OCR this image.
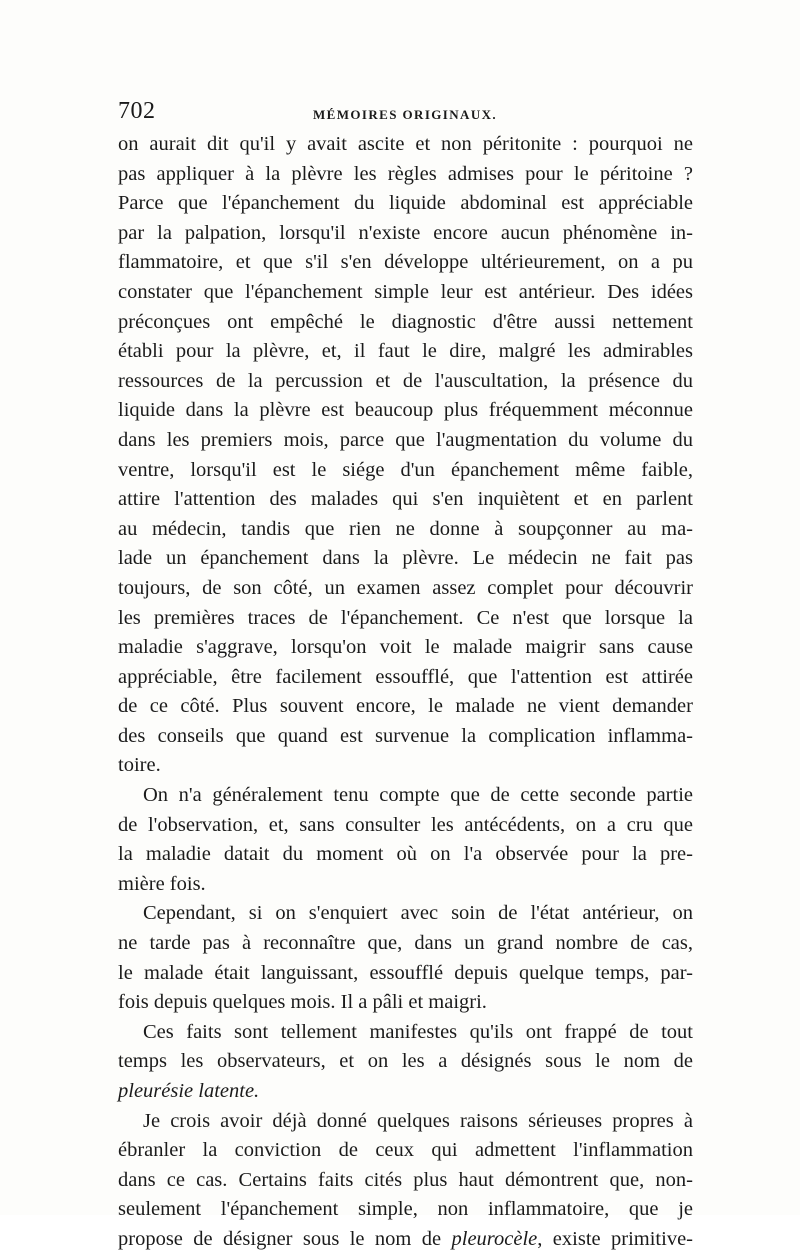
702	MÉMOIRES ORIGINAUX.
on aurait dit qu'il y avait ascite et non péritonite : pourquoi ne
pas appliquer à la plèvre les règles admises pour le péritoine ?
Parce que l'épanchement du liquide abdominal est appréciable
par la palpation, lorsqu'il n'existe encore aucun phénomène in-
flammatoire, et que s'il s'en développe ultérieurement, on a pu
constater que l'épanchement simple leur est antérieur. Des idées
préconçues ont empêché le diagnostic d'être aussi nettement
établi pour la plèvre, et, il faut le dire, malgré les admirables
ressources de la percussion et de l'auscultation, la présence du
liquide dans la plèvre est beaucoup plus fréquemment méconnue
dans les premiers mois, parce que l'augmentation du volume du
ventre, lorsqu'il est le siége d'un épanchement même faible,
attire l'attention des malades qui s'en inquiètent et en parlent
au médecin, tandis que rien ne donne à soupçonner au ma-
lade un épanchement dans la plèvre. Le médecin ne fait pas
toujours, de son côté, un examen assez complet pour découvrir
les premières traces de l'épanchement. Ce n'est que lorsque la
maladie s'aggrave, lorsqu'on voit le malade maigrir sans cause
appréciable, être facilement essoufflé, que l'attention est attirée
de ce côté. Plus souvent encore, le malade ne vient demander
des conseils que quand est survenue la complication inflamma-
toire.
On n'a généralement tenu compte que de cette seconde partie
de l'observation, et, sans consulter les antécédents, on a cru que
la maladie datait du moment où on l'a observée pour la pre-
mière fois.
Cependant, si on s'enquiert avec soin de l'état antérieur, on
ne tarde pas à reconnaître que, dans un grand nombre de cas,
le malade était languissant, essoufflé depuis quelque temps, par-
fois depuis quelques mois. Il a pâli et maigri.
Ces faits sont tellement manifestes qu'ils ont frappé de tout
temps les observateurs, et on les a désignés sous le nom de
pleurésie latente.
Je crois avoir déjà donné quelques raisons sérieuses propres à
ébranler la conviction de ceux qui admettent l'inflammation
dans ce cas. Certains faits cités plus haut démontrent que, non-
seulement l'épanchement simple, non inflammatoire, que je
propose de désigner sous le nom de pleurocèle, existe primitive-
